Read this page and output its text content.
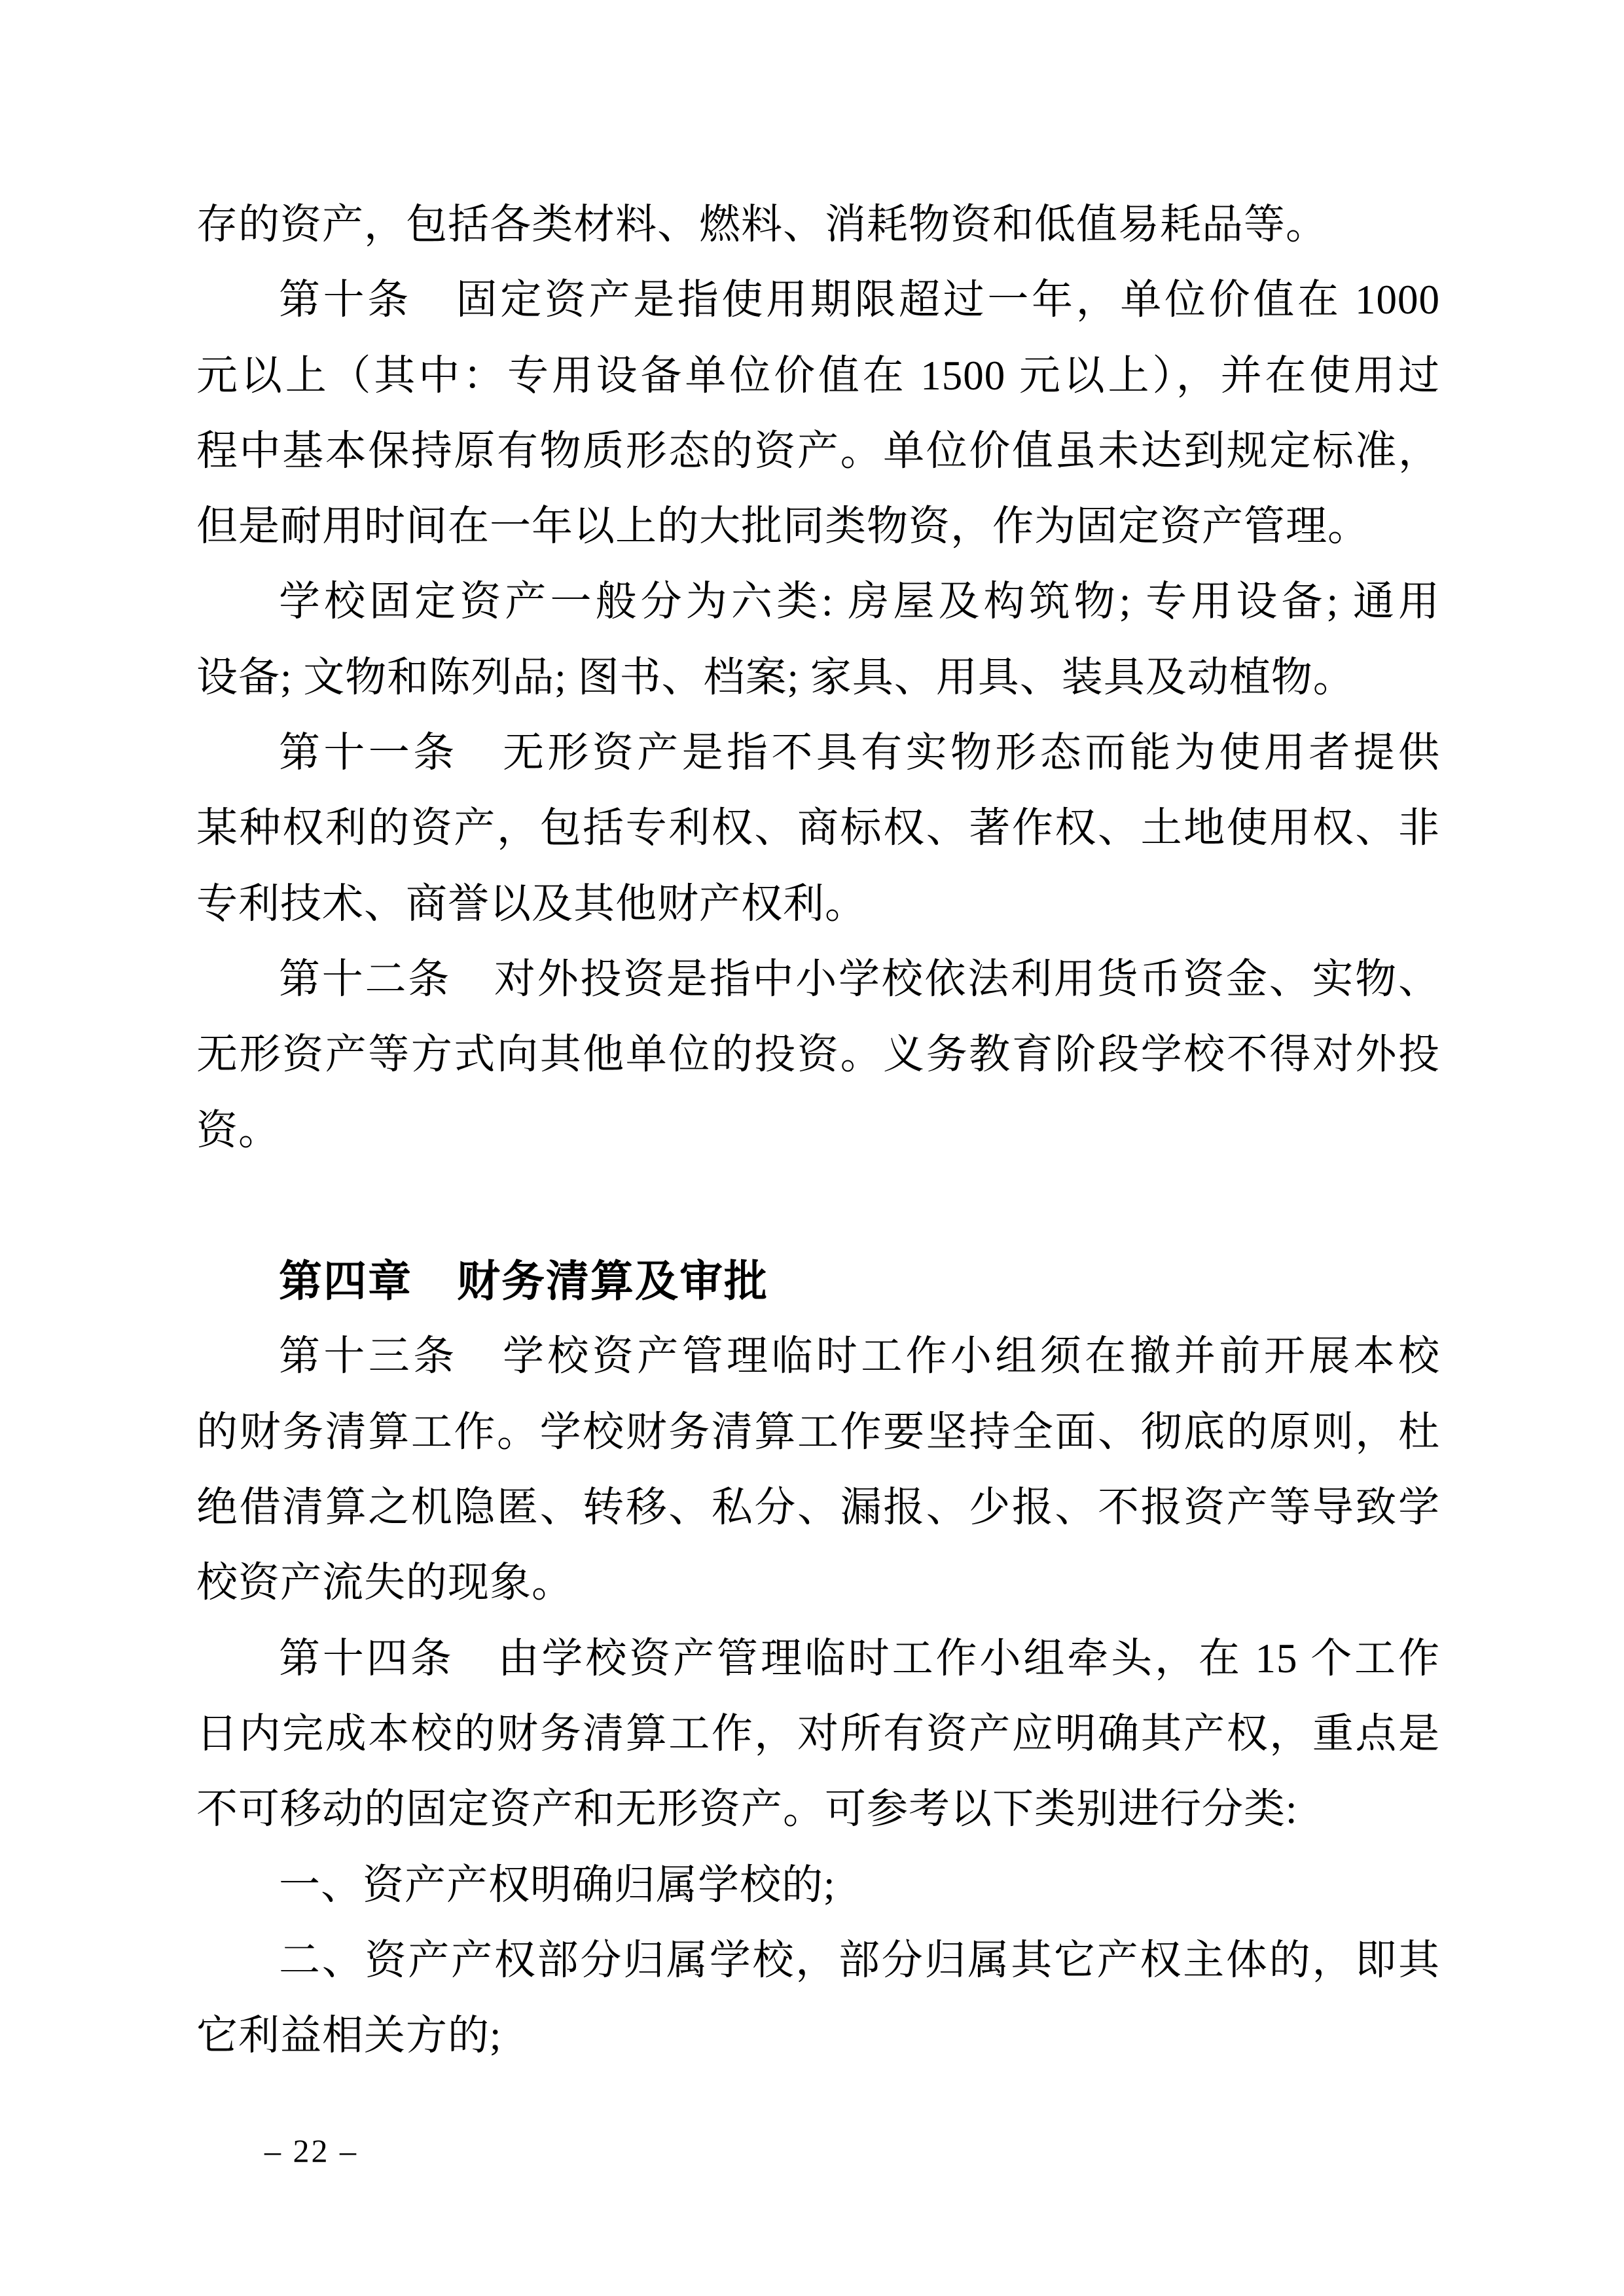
存的资产，包括各类材料、燃料、消耗物资和低值易耗品等。
第十条　固定资产是指使用期限超过一年，单位价值在 1000
元以上（其中：专用设备单位价值在 1500 元以上），并在使用过
程中基本保持原有物质形态的资产。单位价值虽未达到规定标准，
但是耐用时间在一年以上的大批同类物资，作为固定资产管理。
学校固定资产一般分为六类: 房屋及构筑物; 专用设备; 通用
设备; 文物和陈列品; 图书、档案; 家具、用具、装具及动植物。
第十一条　无形资产是指不具有实物形态而能为使用者提供
某种权利的资产，包括专利权、商标权、著作权、土地使用权、非
专利技术、商誉以及其他财产权利。
第十二条　对外投资是指中小学校依法利用货币资金、实物、
无形资产等方式向其他单位的投资。义务教育阶段学校不得对外投
资。
第四章　财务清算及审批
第十三条　学校资产管理临时工作小组须在撤并前开展本校
的财务清算工作。学校财务清算工作要坚持全面、彻底的原则，杜
绝借清算之机隐匿、转移、私分、漏报、少报、不报资产等导致学
校资产流失的现象。
第十四条　由学校资产管理临时工作小组牵头，在 15 个工作
日内完成本校的财务清算工作，对所有资产应明确其产权，重点是
不可移动的固定资产和无形资产。可参考以下类别进行分类:
一、资产产权明确归属学校的;
二、资产产权部分归属学校，部分归属其它产权主体的，即其
它利益相关方的;
– 22 –
